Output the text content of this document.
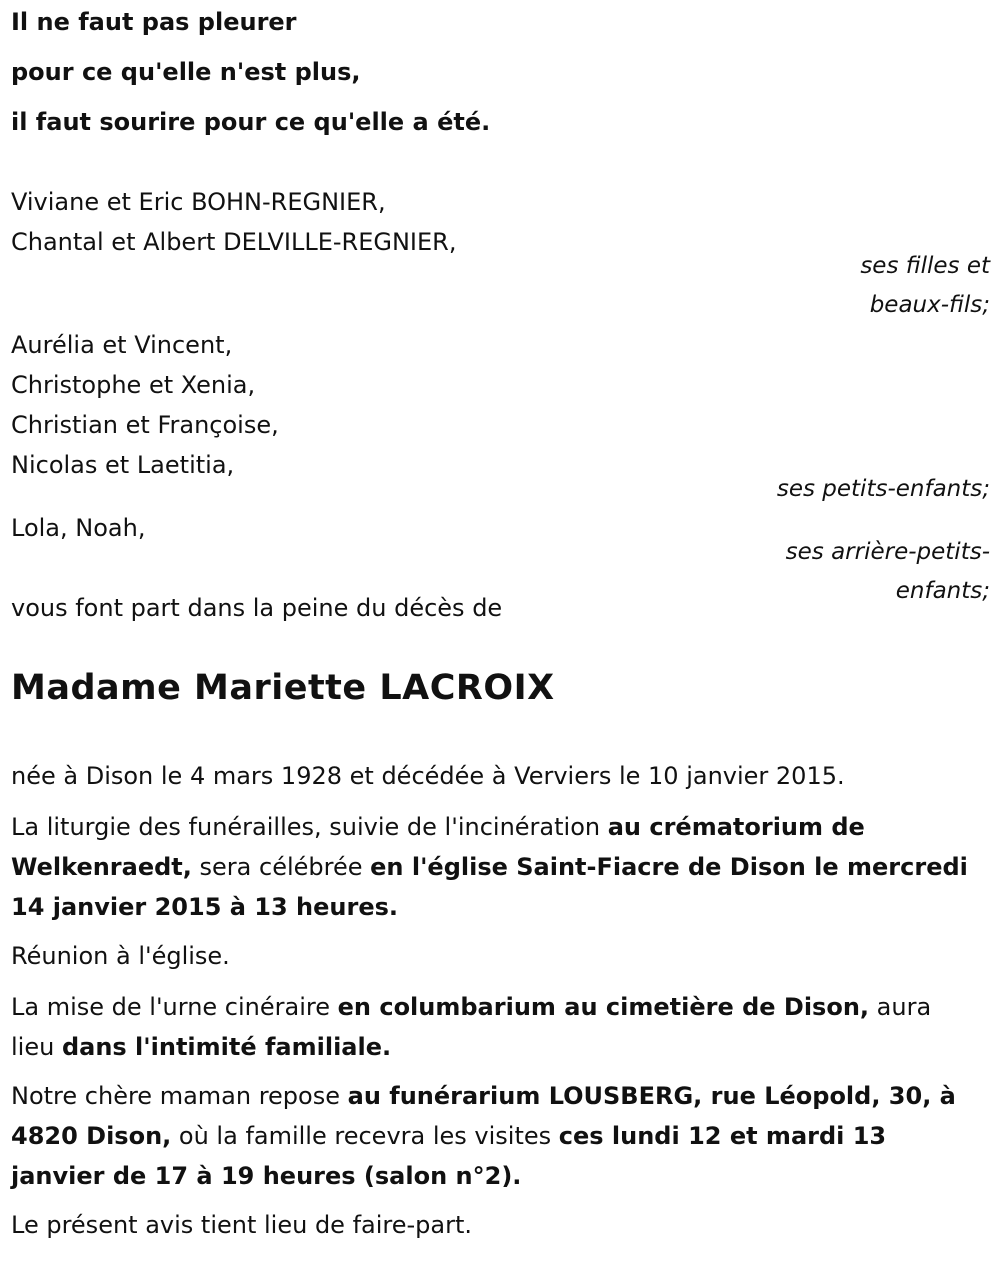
Il ne faut pas pleurer
pour ce qu'elle n'est plus,
il faut sourire pour ce qu'elle a été.
Viviane et Eric BOHN-REGNIER,
Chantal et Albert DELVILLE-REGNIER,
ses filles et
beaux-fils;
Aurélia et Vincent,
Christophe et Xenia,
Christian et Françoise,
Nicolas et Laetitia,
ses petits-enfants;
Lola, Noah,
ses arrière-petits-
enfants;
vous font part dans la peine du décès de
Madame Mariette LACROIX
née à Dison le 4 mars 1928 et décédée à Verviers le 10 janvier 2015.
La liturgie des funérailles, suivie de l'incinération au crématorium de Welkenraedt, sera célébrée en l'église Saint-Fiacre de Dison le mercredi 14 janvier 2015 à 13 heures.
Réunion à l'église.
La mise de l'urne cinéraire en columbarium au cimetière de Dison, aura lieu dans l'intimité familiale.
Notre chère maman repose au funérarium LOUSBERG, rue Léopold, 30, à 4820 Dison, où la famille recevra les visites ces lundi 12 et mardi 13 janvier de 17 à 19 heures (salon n°2).
Le présent avis tient lieu de faire-part.
